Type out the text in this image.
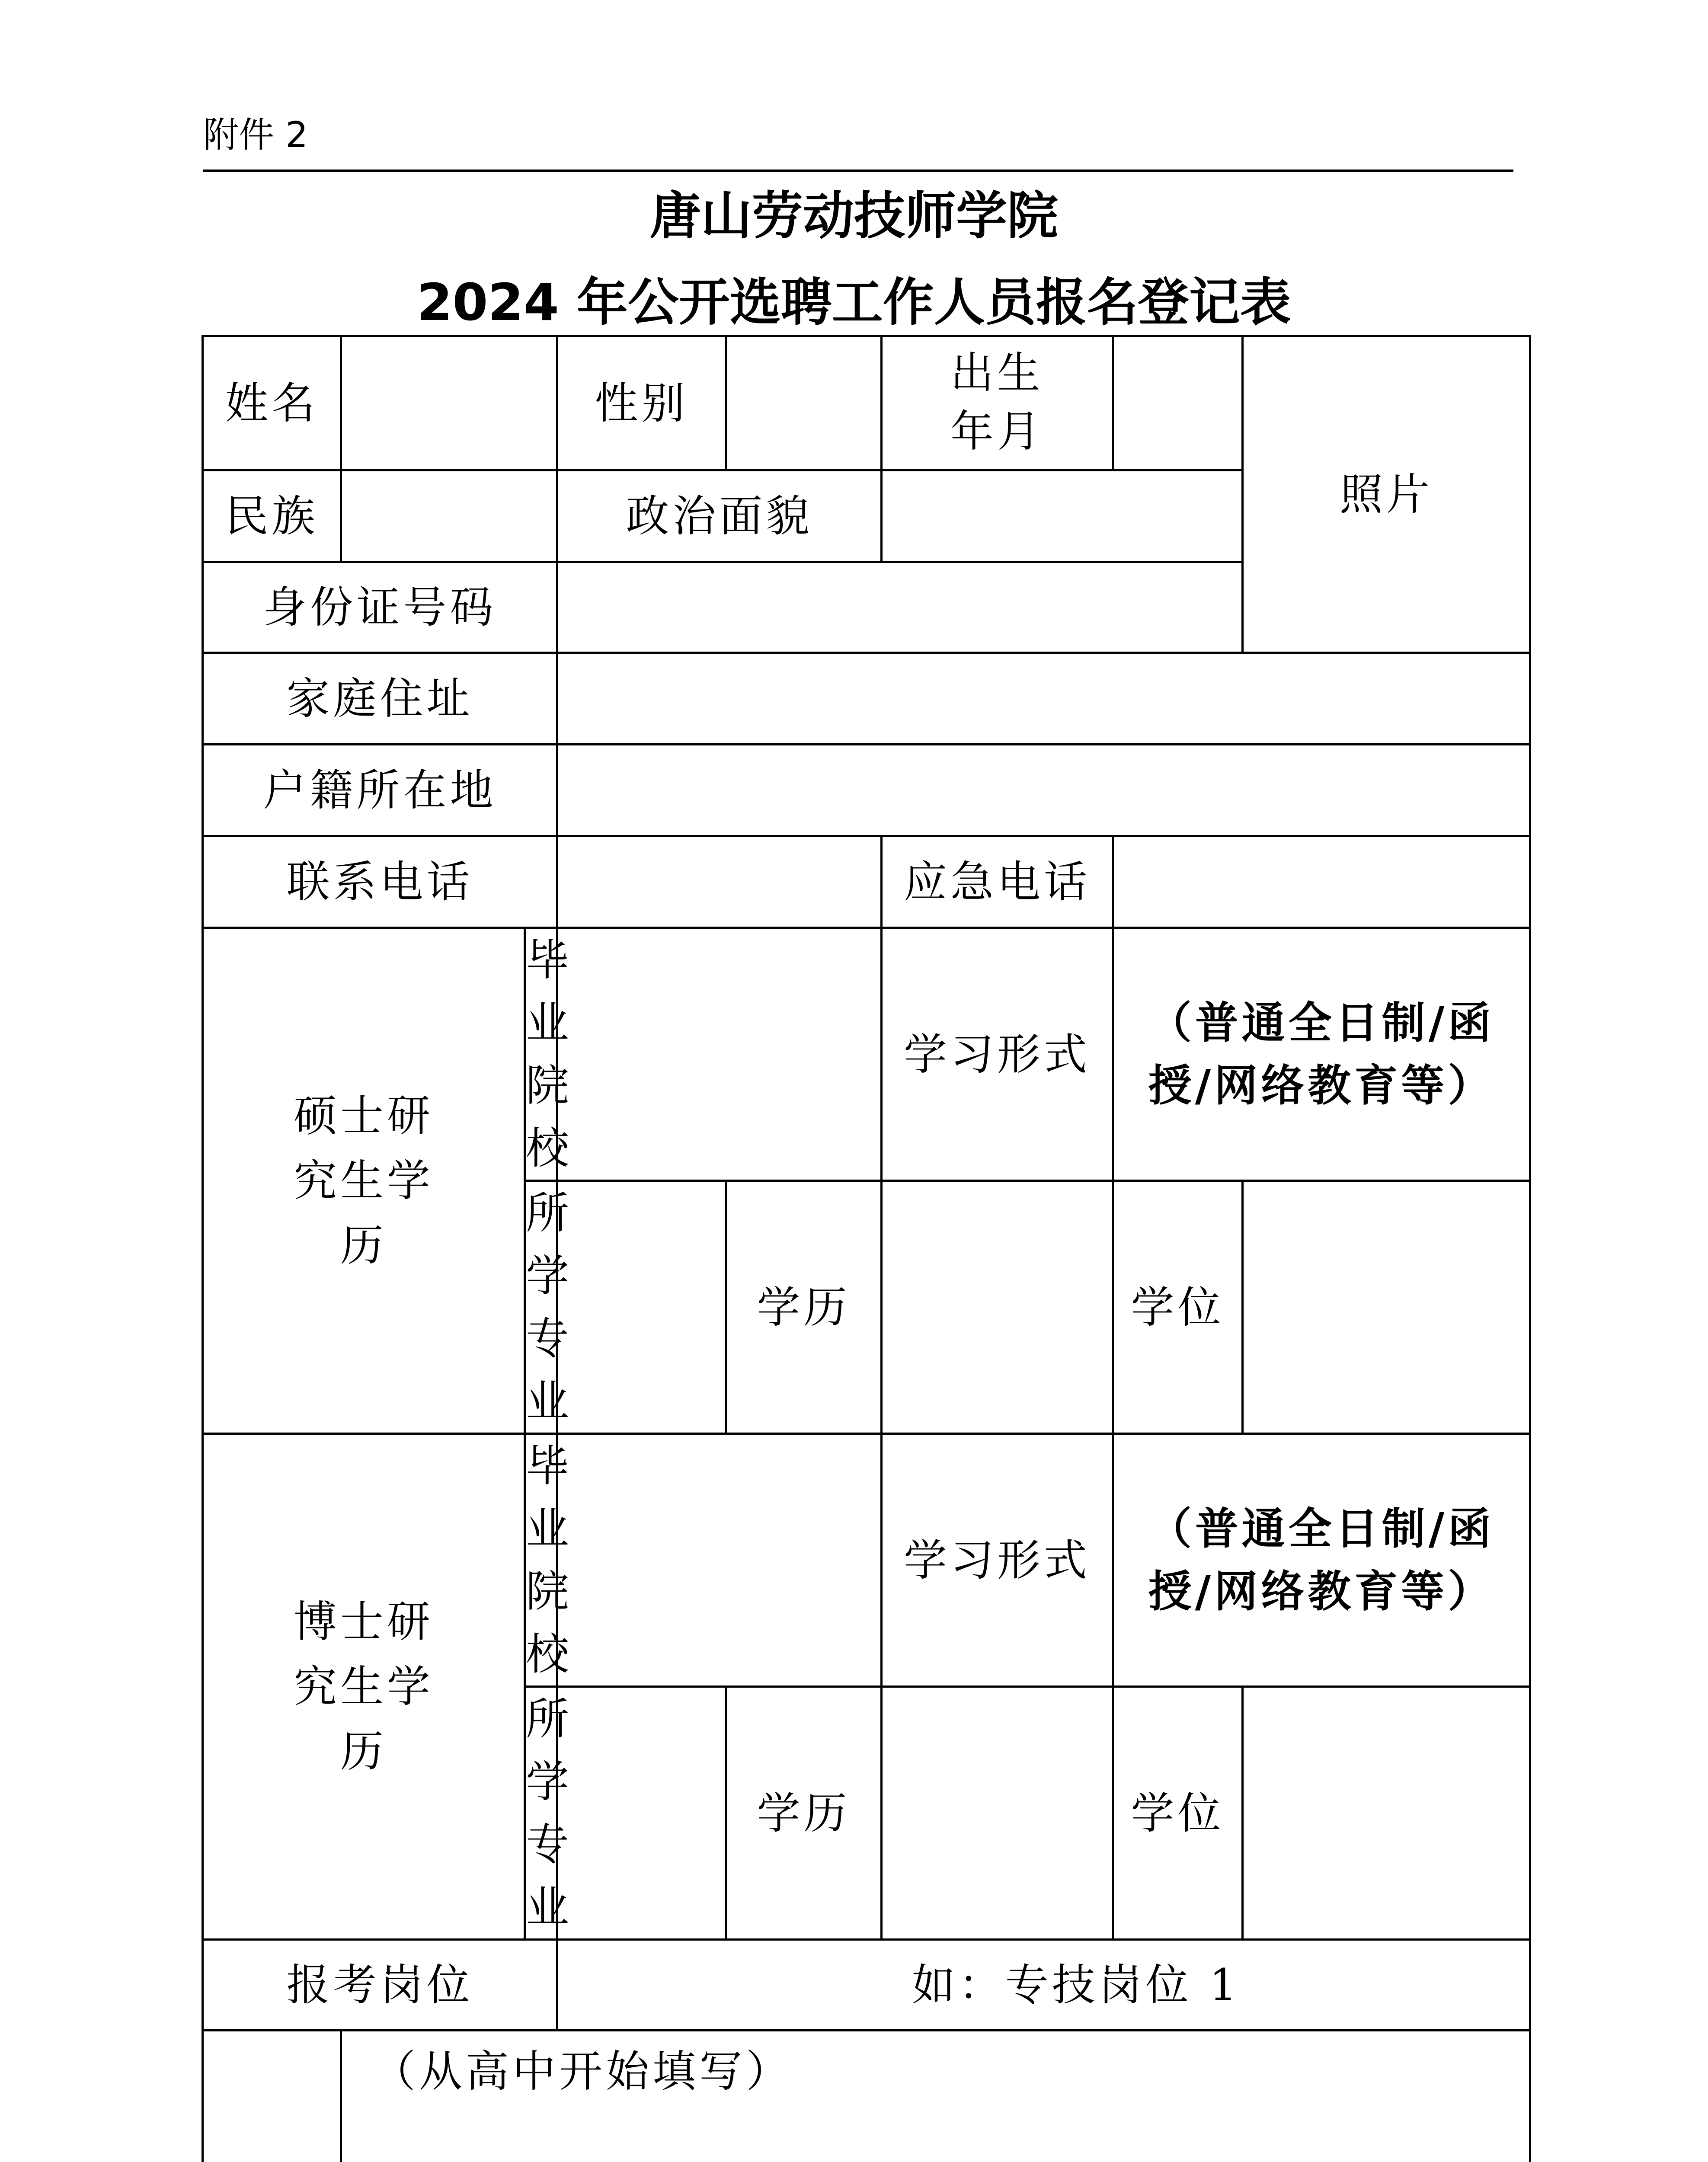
附件 2
唐山劳动技师学院
2024 年公开选聘工作人员报名登记表
姓名			性别		出生年月		照片
民族			政治面貌				
身份证号码							
家庭住址							
户籍所在地							
联系电话					应急电话		
硕士研究生学历		毕业院校			学习形式	（普通全日制/函授/网络教育等）	
		所学专业		学历		学位	
博士研究生学历		毕业院校			学习形式	（普通全日制/函授/网络教育等）	
		所学专业		学历		学位	
报考岗位			如：专技岗位 1				

（从高中开始填写）						
